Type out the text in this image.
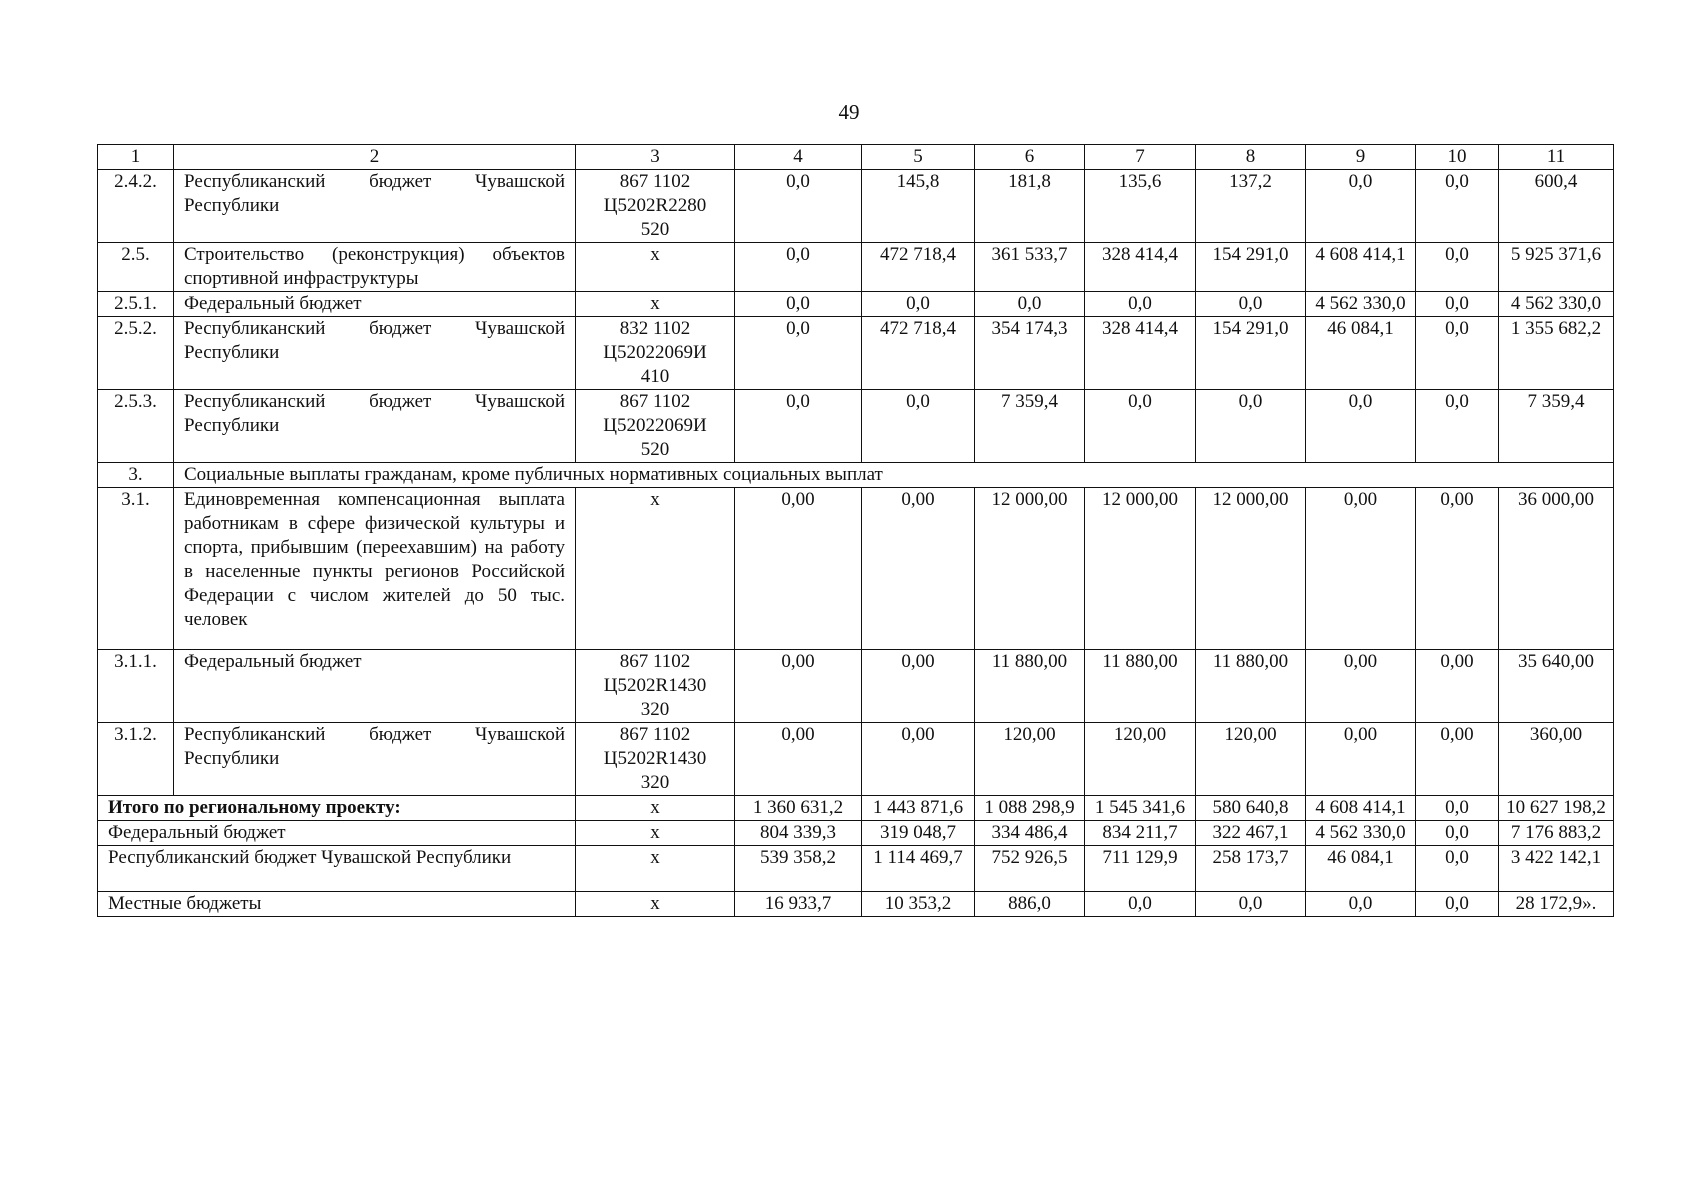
49
1	2	3	4	5	6	7	8	9	10	11
2.4.2.	Республиканский бюджет Чувашской Республики	867 1102
Ц5202R2280
520	0,0	145,8	181,8	135,6	137,2	0,0	0,0	600,4
2.5.	Строительство (реконструкция) объектов спортивной инфраструктуры	x	0,0	472 718,4	361 533,7	328 414,4	154 291,0	4 608 414,1	0,0	5 925 371,6
2.5.1.	Федеральный бюджет	x	0,0	0,0	0,0	0,0	0,0	4 562 330,0	0,0	4 562 330,0
2.5.2.	Республиканский бюджет Чувашской Республики	832 1102
Ц52022069И
410	0,0	472 718,4	354 174,3	328 414,4	154 291,0	46 084,1	0,0	1 355 682,2
2.5.3.	Республиканский бюджет Чувашской Республики	867 1102
Ц52022069И
520	0,0	0,0	7 359,4	0,0	0,0	0,0	0,0	7 359,4
3.	Социальные выплаты гражданам, кроме публичных нормативных социальных выплат									
3.1.	Единовременная компенсационная выплата работникам в сфере физической культуры и спорта, прибывшим (переехавшим) на работу в населенные пункты регионов Российской Федерации с числом жителей до 50 тыс. человек	x	0,00	0,00	12 000,00	12 000,00	12 000,00	0,00	0,00	36 000,00
3.1.1.	Федеральный бюджет	867 1102
Ц5202R1430
320	0,00	0,00	11 880,00	11 880,00	11 880,00	0,00	0,00	35 640,00
3.1.2.	Республиканский бюджет Чувашской Республики	867 1102
Ц5202R1430
320	0,00	0,00	120,00	120,00	120,00	0,00	0,00	360,00
Итого по региональному проекту:		x	1 360 631,2	1 443 871,6	1 088 298,9	1 545 341,6	580 640,8	4 608 414,1	0,0	10 627 198,2
Федеральный бюджет		x	804 339,3	319 048,7	334 486,4	834 211,7	322 467,1	4 562 330,0	0,0	7 176 883,2
Республиканский бюджет Чувашской Республики		x	539 358,2	1 114 469,7	752 926,5	711 129,9	258 173,7	46 084,1	0,0	3 422 142,1
Местные бюджеты		x	16 933,7	10 353,2	886,0	0,0	0,0	0,0	0,0	28 172,9».
